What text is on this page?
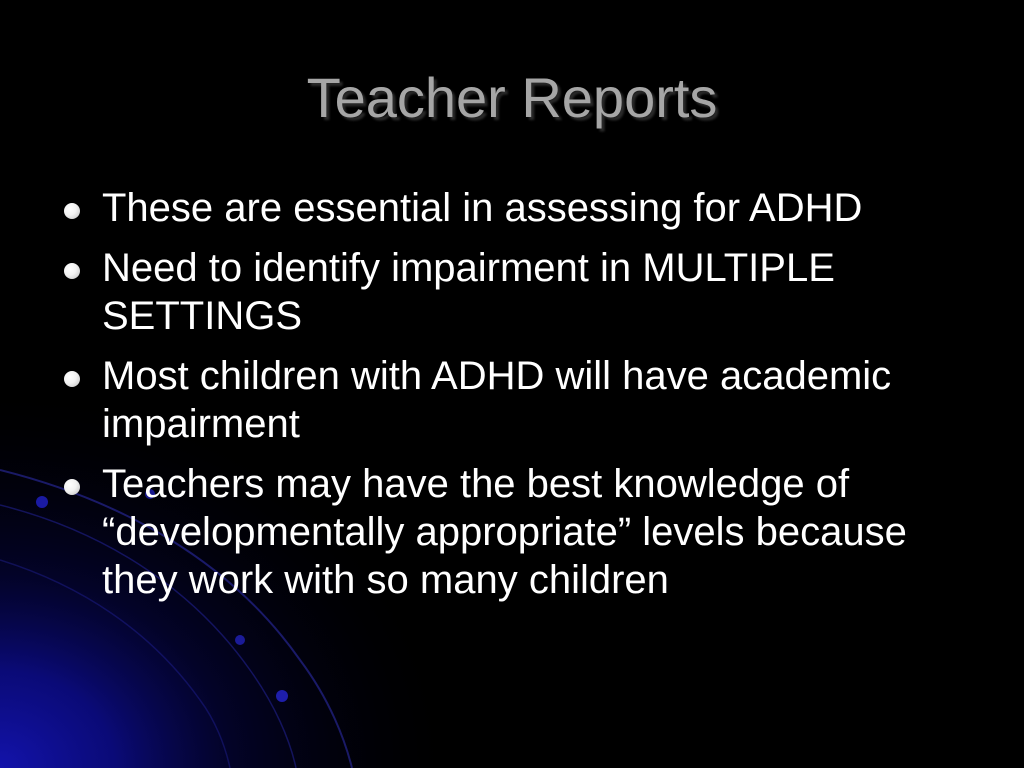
Teacher Reports
These are essential in assessing for ADHD
Need to identify impairment in MULTIPLE SETTINGS
Most children with ADHD will have academic impairment
Teachers may have the best knowledge of “developmentally appropriate” levels because they work with so many children
